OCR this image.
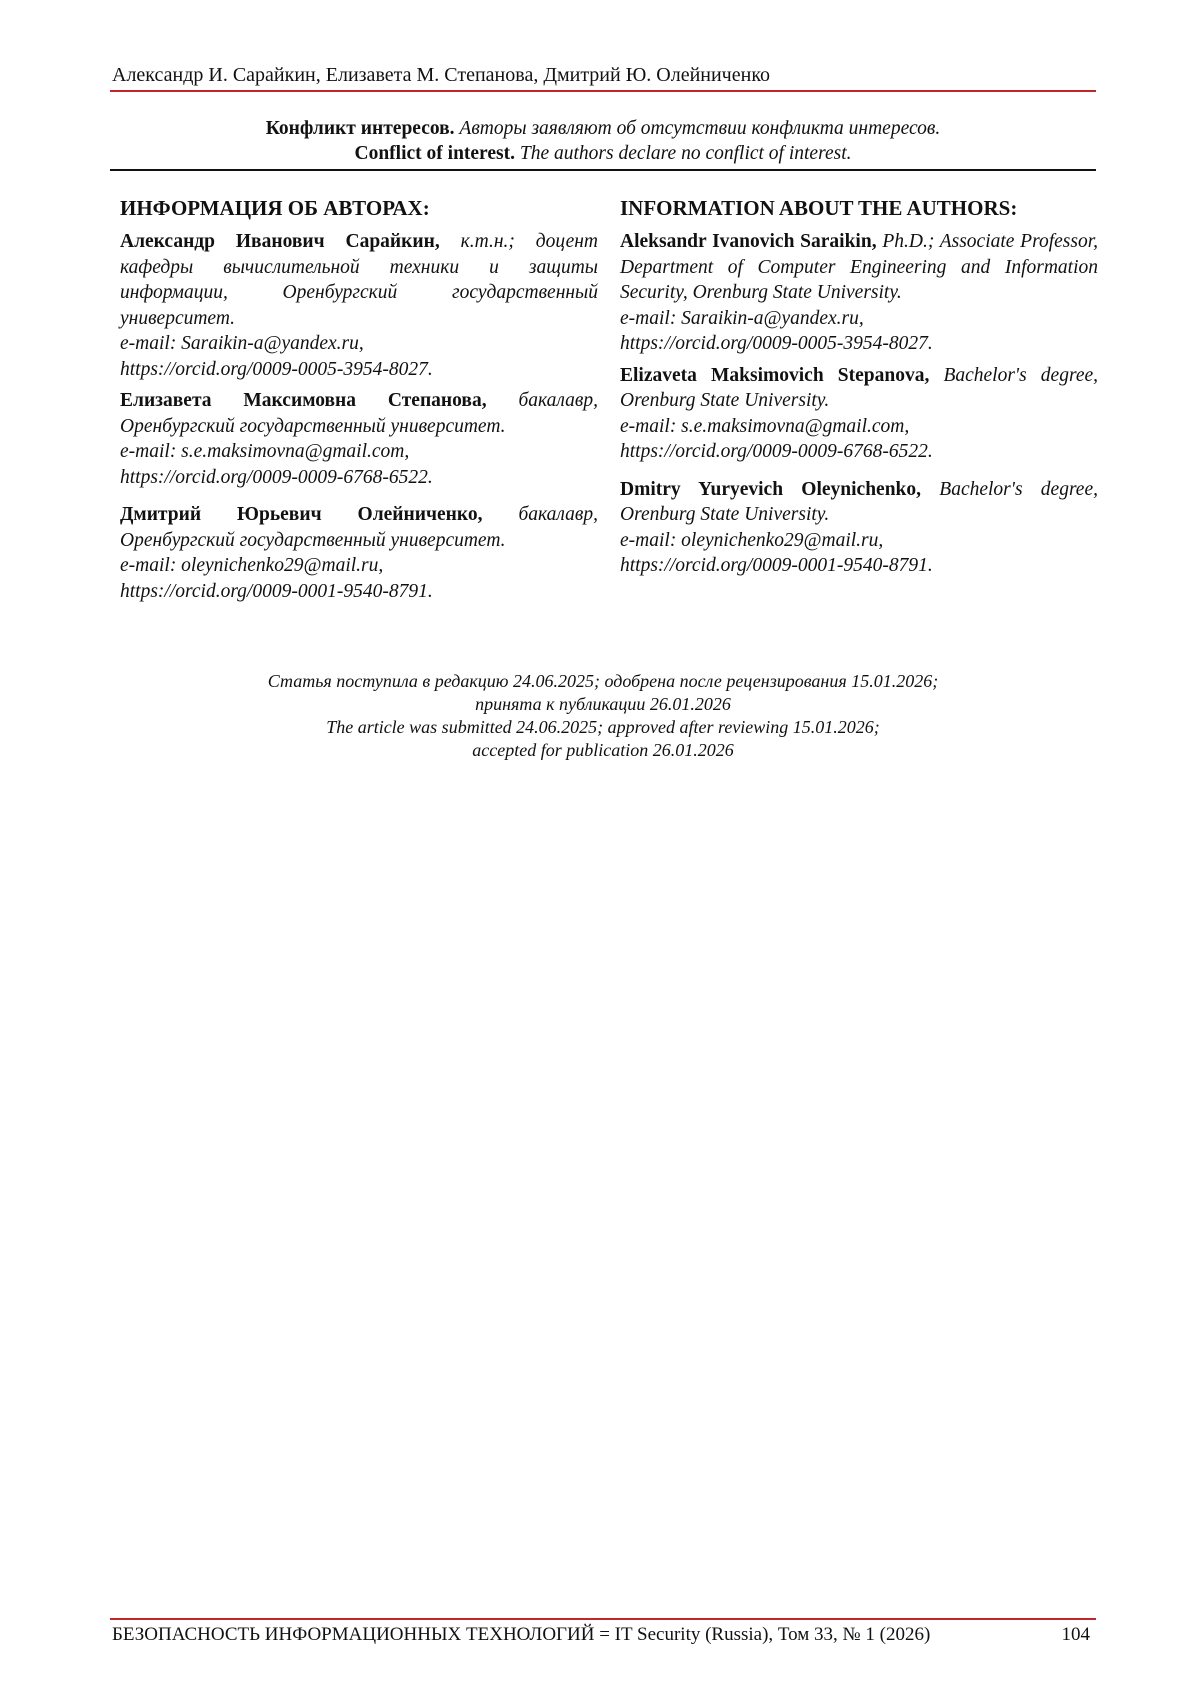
Александр И. Сарайкин, Елизавета М. Степанова, Дмитрий Ю. Олейниченко
Конфликт интересов. Авторы заявляют об отсутствии конфликта интересов.
Conflict of interest. The authors declare no conflict of interest.
ИНФОРМАЦИЯ ОБ АВТОРАХ:

Александр Иванович Сарайкин, к.т.н.; доцент кафедры вычислительной техники и защиты информации, Оренбургский государственный университет.

e-mail: Saraikin-a@yandex.ru,

https://orcid.org/0009-0005-3954-8027.

Елизавета Максимовна Степанова, бакалавр, Оренбургский государственный университет.

e-mail: s.e.maksimovna@gmail.com,

https://orcid.org/0009-0009-6768-6522.

Дмитрий Юрьевич Олейниченко, бакалавр, Оренбургский государственный университет.

e-mail: oleynichenko29@mail.ru,

https://orcid.org/0009-0001-9540-8791.

INFORMATION ABOUT THE AUTHORS:

Aleksandr Ivanovich Saraikin, Ph.D.; Associate Professor, Department of Computer Engineering and Information Security, Orenburg State University.

e-mail: Saraikin-a@yandex.ru,

https://orcid.org/0009-0005-3954-8027.

Elizaveta Maksimovich Stepanova, Bachelor's degree, Orenburg State University.

e-mail: s.e.maksimovna@gmail.com,

https://orcid.org/0009-0009-6768-6522.

Dmitry Yuryevich Oleynichenko, Bachelor's degree, Orenburg State University.

e-mail: oleynichenko29@mail.ru,

https://orcid.org/0009-0001-9540-8791.

Статья поступила в редакцию 24.06.2025; одобрена после рецензирования 15.01.2026;

принята к публикации 26.01.2026

The article was submitted 24.06.2025; approved after reviewing 15.01.2026;

accepted for publication 26.01.2026

БЕЗОПАСНОСТЬ ИНФОРМАЦИОННЫХ ТЕХНОЛОГИЙ = IT Security (Russia), Том 33, № 1 (2026)	104
